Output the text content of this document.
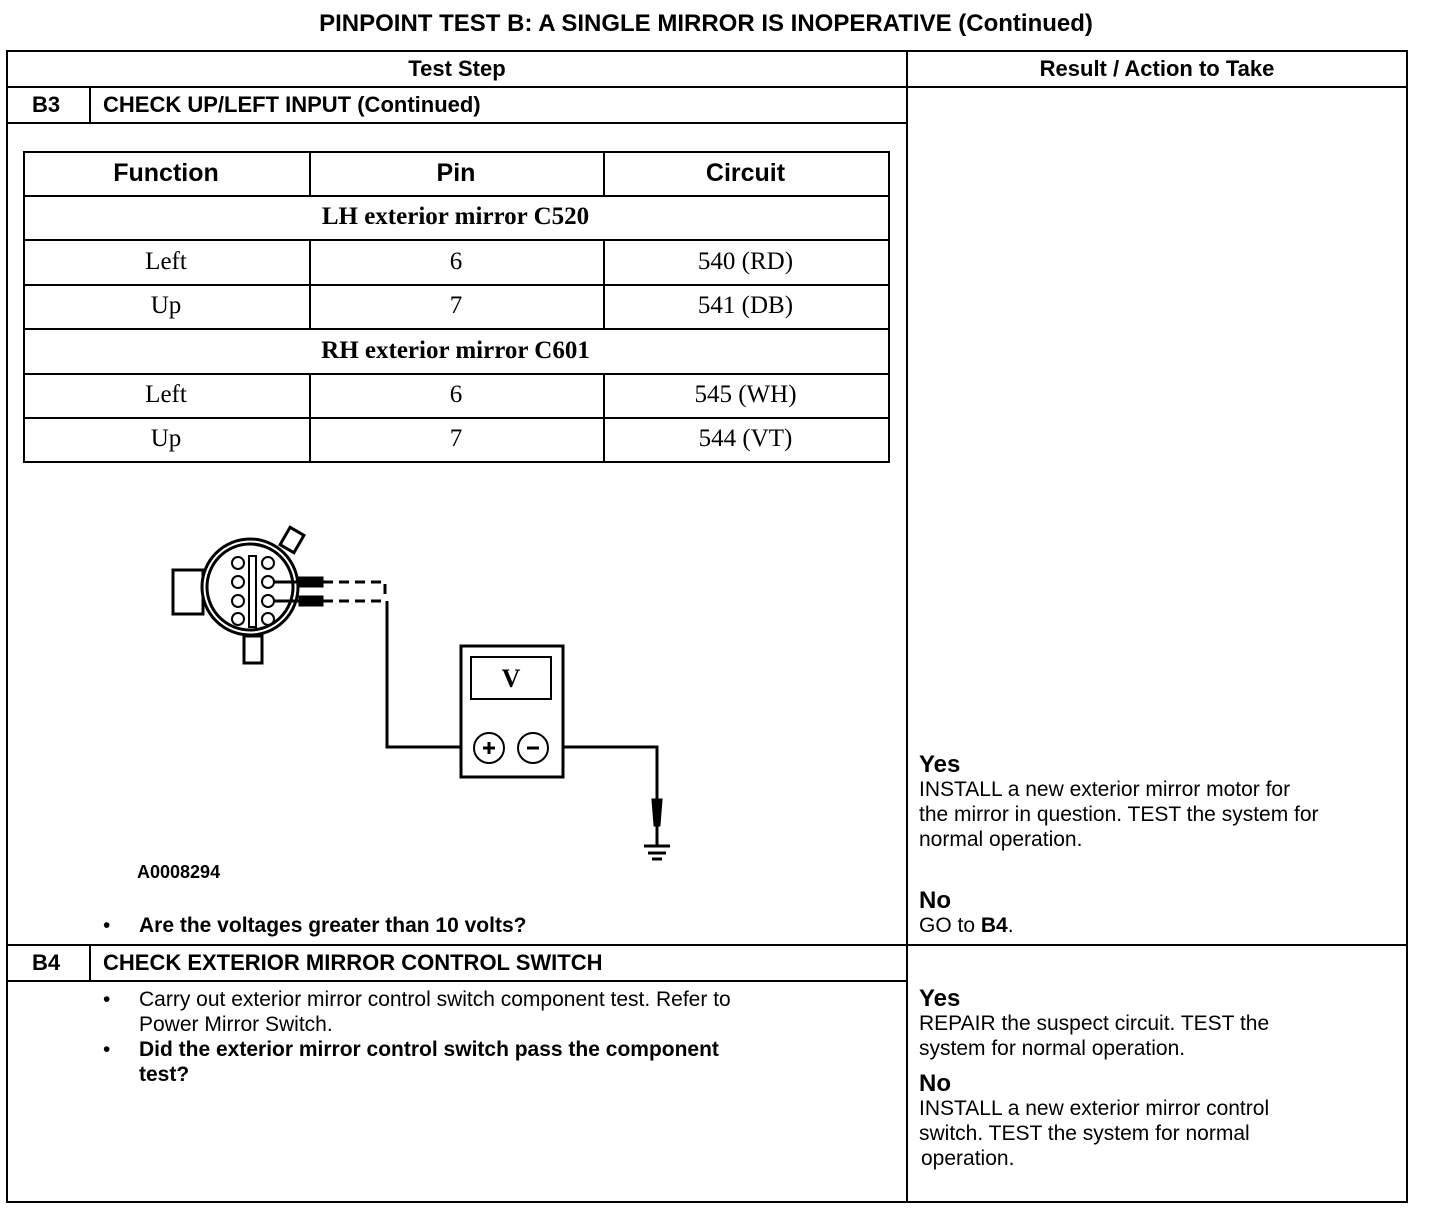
PINPOINT TEST B: A SINGLE MIRROR IS INOPERATIVE (Continued)
Test Step	Result / Action to Take
B3 CHECK UP/LEFT INPUT (Continued)
V
A0008294
• Are the voltages greater than 10 volts?
Yes
INSTALL a new exterior mirror motor for
the mirror in question. TEST the system for
normal operation.
No
GO to B4.
B4 CHECK EXTERIOR MIRROR CONTROL SWITCH
• Carry out exterior mirror control switch component test. Refer to
Power Mirror Switch.
• Did the exterior mirror control switch pass the component
test?
Yes
REPAIR the suspect circuit. TEST the
system for normal operation.
No
INSTALL a new exterior mirror control
switch. TEST the system for normal
operation.
Function	Pin	Circuit
LH exterior mirror C520
Left	6	540 (RD)
Up	7	541 (DB)
RH exterior mirror C601
Left	6	545 (WH)
Up	7	544 (VT)
